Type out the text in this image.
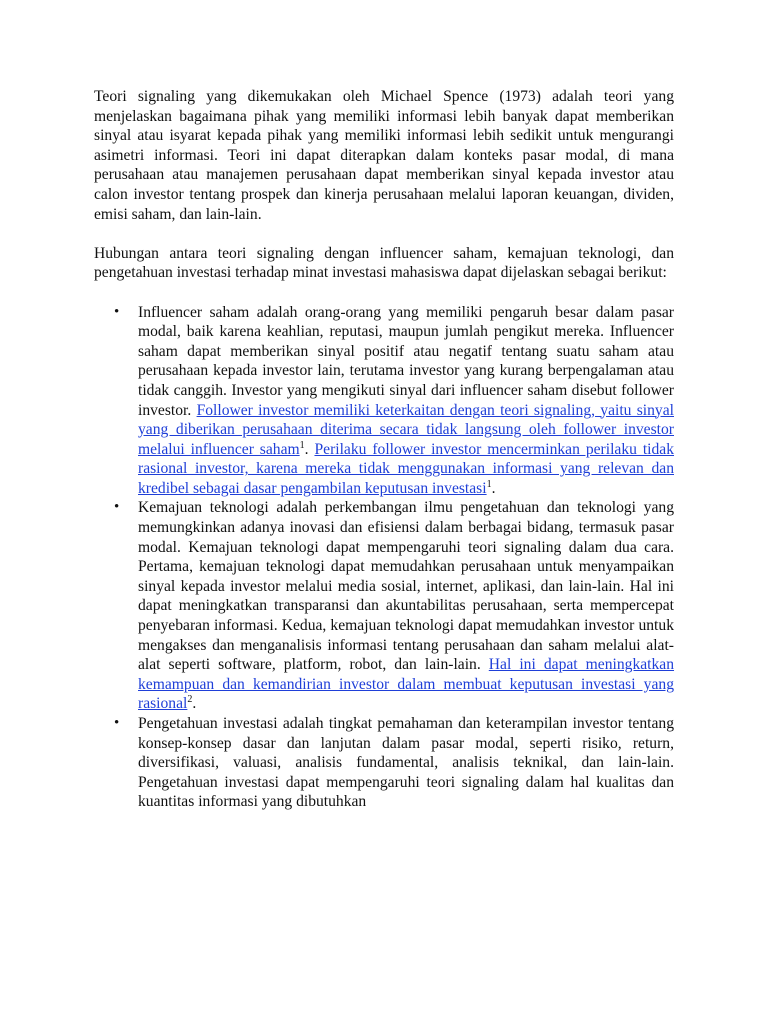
Teori signaling yang dikemukakan oleh Michael Spence (1973) adalah teori yang menjelaskan bagaimana pihak yang memiliki informasi lebih banyak dapat memberikan sinyal atau isyarat kepada pihak yang memiliki informasi lebih sedikit untuk mengurangi asimetri informasi. Teori ini dapat diterapkan dalam konteks pasar modal, di mana perusahaan atau manajemen perusahaan dapat memberikan sinyal kepada investor atau calon investor tentang prospek dan kinerja perusahaan melalui laporan keuangan, dividen, emisi saham, dan lain-lain.

Hubungan antara teori signaling dengan influencer saham, kemajuan teknologi, dan pengetahuan investasi terhadap minat investasi mahasiswa dapat dijelaskan sebagai berikut:

• Influencer saham adalah orang-orang yang memiliki pengaruh besar dalam pasar modal, baik karena keahlian, reputasi, maupun jumlah pengikut mereka. Influencer saham dapat memberikan sinyal positif atau negatif tentang suatu saham atau perusahaan kepada investor lain, terutama investor yang kurang berpengalaman atau tidak canggih. Investor yang mengikuti sinyal dari influencer saham disebut follower investor. Follower investor memiliki keterkaitan dengan teori signaling, yaitu sinyal yang diberikan perusahaan diterima secara tidak langsung oleh follower investor melalui influencer saham$^1$. Perilaku follower investor mencerminkan perilaku tidak rasional investor, karena mereka tidak menggunakan informasi yang relevan dan kredibel sebagai dasar pengambilan keputusan investasi$^1$.
• Kemajuan teknologi adalah perkembangan ilmu pengetahuan dan teknologi yang memungkinkan adanya inovasi dan efisiensi dalam berbagai bidang, termasuk pasar modal. Kemajuan teknologi dapat mempengaruhi teori signaling dalam dua cara. Pertama, kemajuan teknologi dapat memudahkan perusahaan untuk menyampaikan sinyal kepada investor melalui media sosial, internet, aplikasi, dan lain-lain. Hal ini dapat meningkatkan transparansi dan akuntabilitas perusahaan, serta mempercepat penyebaran informasi. Kedua, kemajuan teknologi dapat memudahkan investor untuk mengakses dan menganalisis informasi tentang perusahaan dan saham melalui alat-alat seperti software, platform, robot, dan lain-lain. Hal ini dapat meningkatkan kemampuan dan kemandirian investor dalam membuat keputusan investasi yang rasional$^2$.
• Pengetahuan investasi adalah tingkat pemahaman dan keterampilan investor tentang konsep-konsep dasar dan lanjutan dalam pasar modal, seperti risiko, return, diversifikasi, valuasi, analisis fundamental, analisis teknikal, dan lain-lain. Pengetahuan investasi dapat mempengaruhi teori signaling dalam hal kualitas dan kuantitas informasi yang dibutuhkan
